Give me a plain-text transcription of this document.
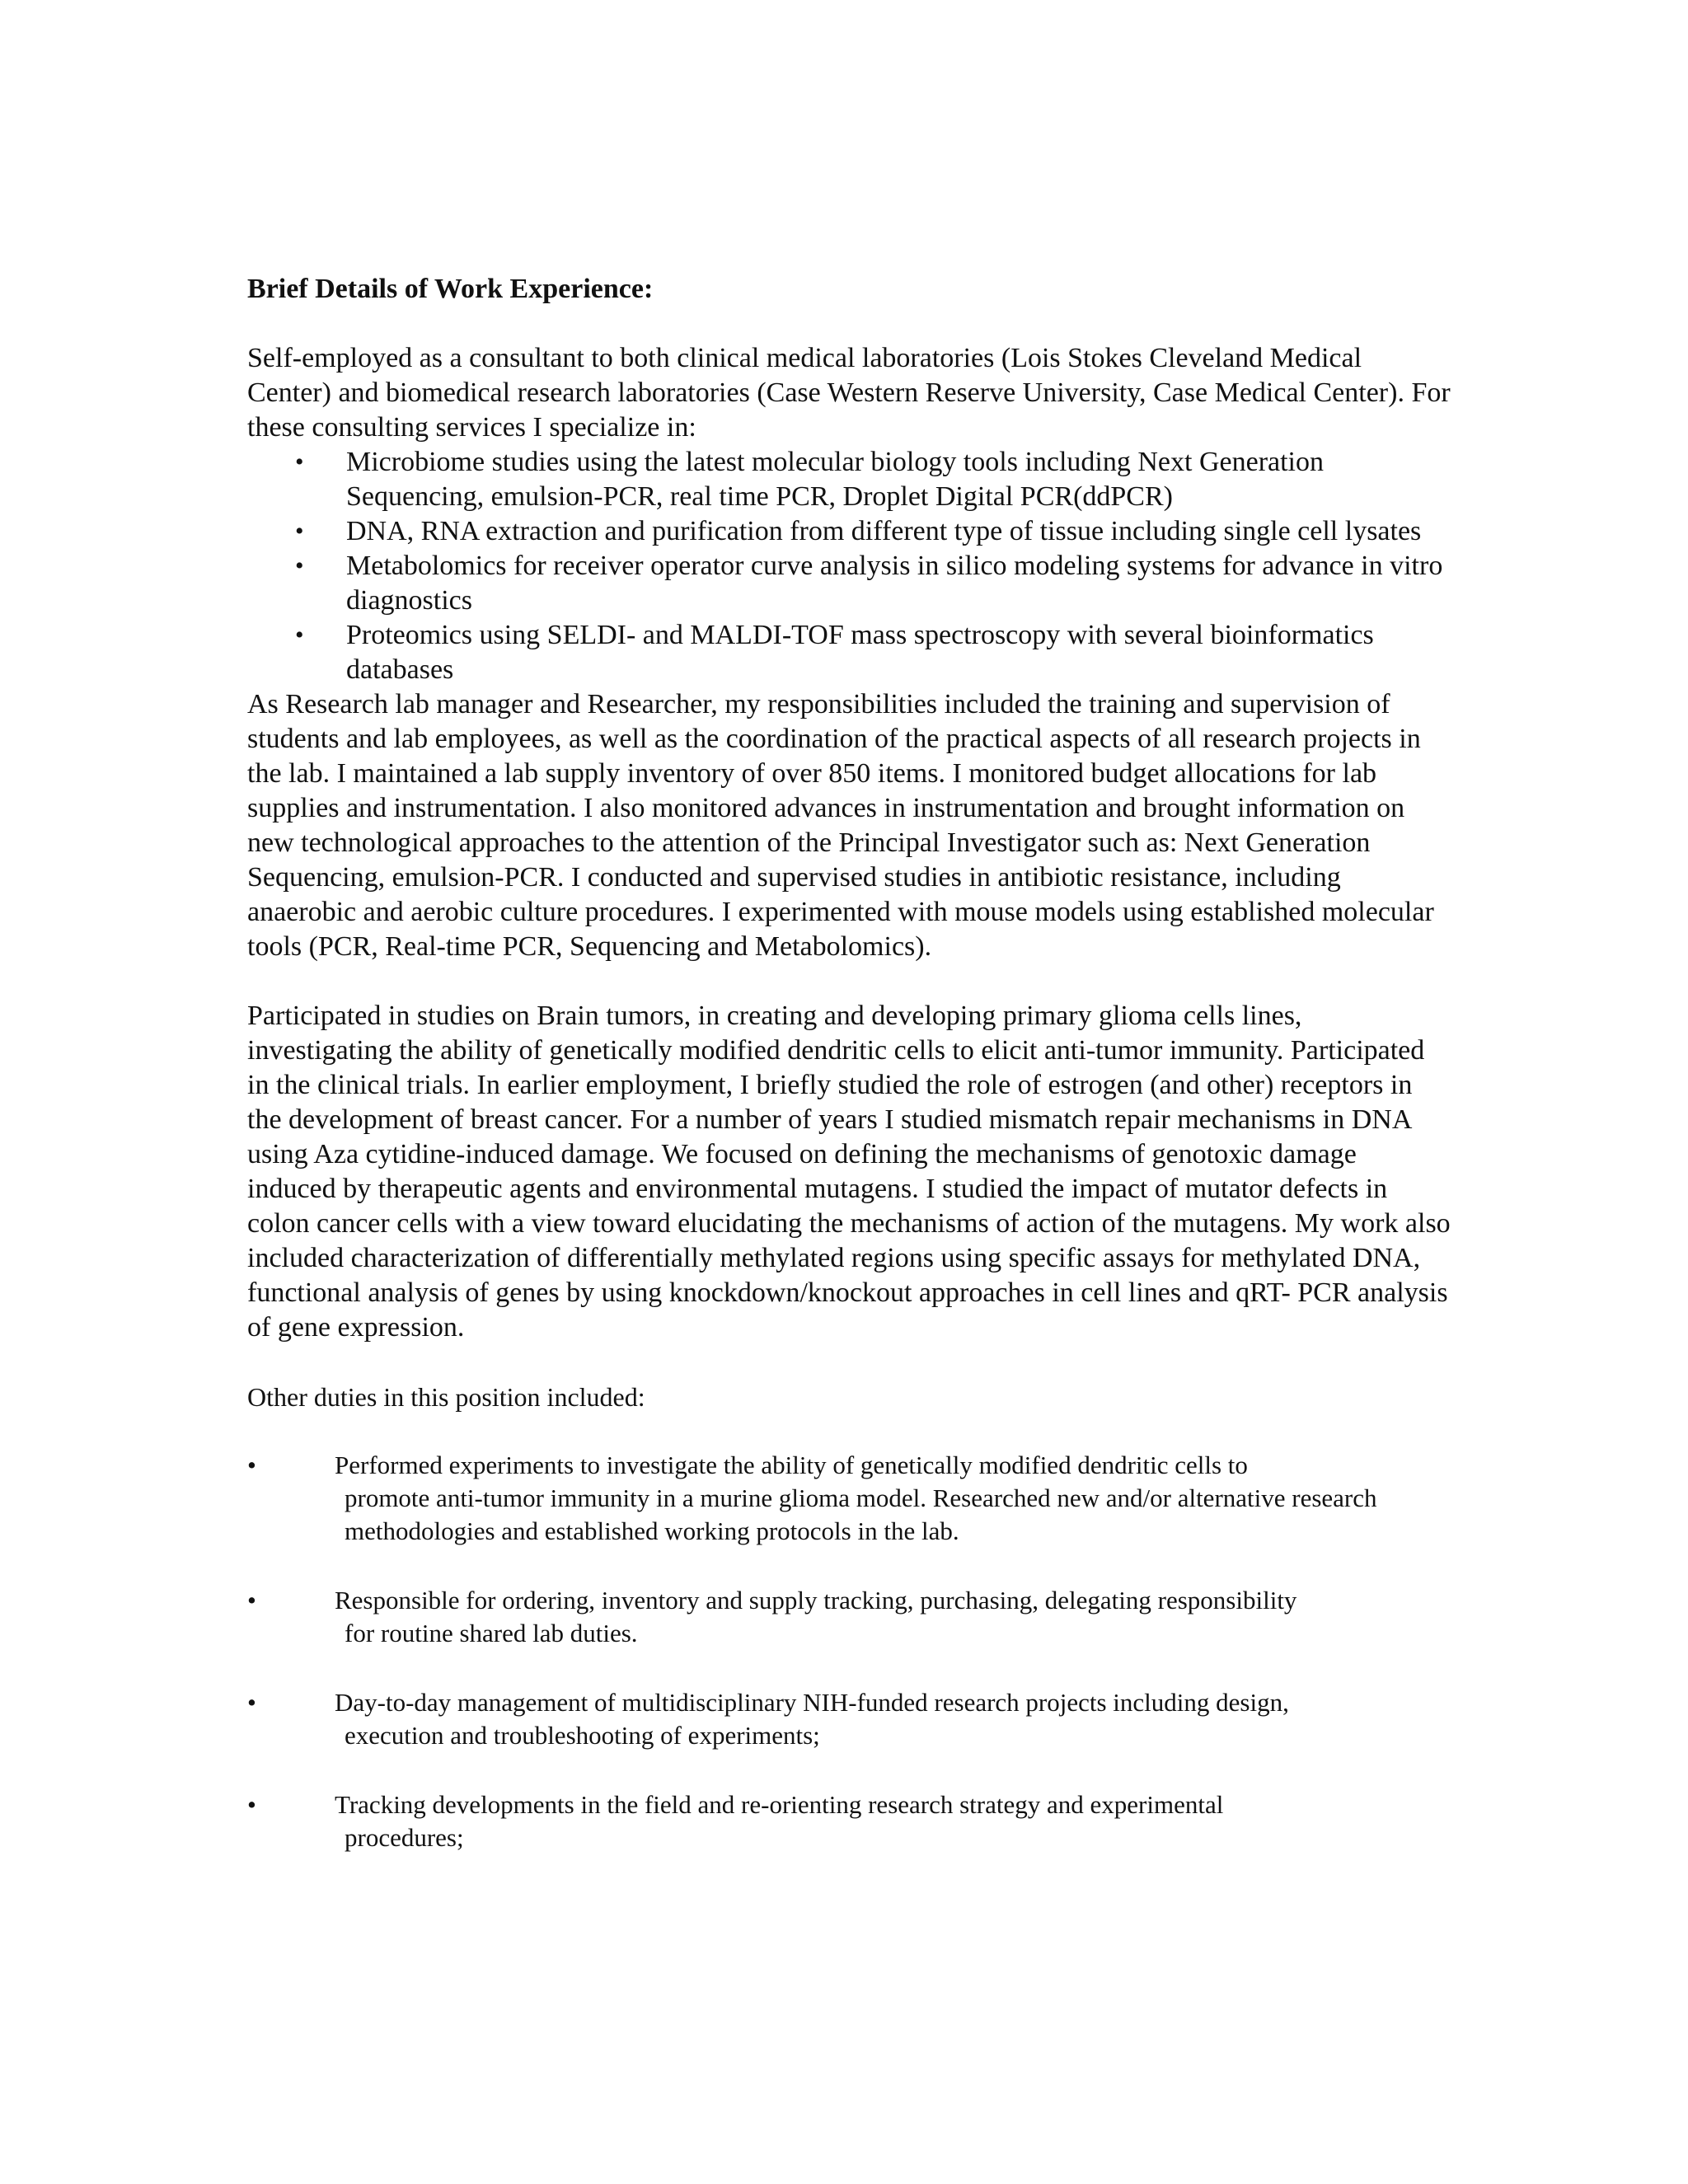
Brief Details of Work Experience:

Self-employed as a consultant to both clinical medical laboratories (Lois Stokes Cleveland Medical Center) and biomedical research laboratories (Case Western Reserve University, Case Medical Center). For these consulting services I specialize in:

• Microbiome studies using the latest molecular biology tools including Next Generation Sequencing, emulsion-PCR, real time PCR, Droplet Digital PCR(ddPCR)
• DNA, RNA extraction and purification from different type of tissue including single cell lysates
• Metabolomics for receiver operator curve analysis in silico modeling systems for advance in vitro diagnostics
• Proteomics using SELDI- and MALDI-TOF mass spectroscopy with several bioinformatics databases

As Research lab manager and Researcher, my responsibilities included the training and supervision of students and lab employees, as well as the coordination of the practical aspects of all research projects in the lab. I maintained a lab supply inventory of over 850 items. I monitored budget allocations for lab supplies and instrumentation. I also monitored advances in instrumentation and brought information on new technological approaches to the attention of the Principal Investigator such as: Next Generation Sequencing, emulsion-PCR. I conducted and supervised studies in antibiotic resistance, including anaerobic and aerobic culture procedures. I experimented with mouse models using established molecular tools (PCR, Real-time PCR, Sequencing and Metabolomics).

Participated in studies on Brain tumors, in creating and developing primary glioma cells lines, investigating the ability of genetically modified dendritic cells to elicit anti-tumor immunity. Participated in the clinical trials. In earlier employment, I briefly studied the role of estrogen (and other) receptors in the development of breast cancer. For a number of years I studied mismatch repair mechanisms in DNA using Aza cytidine-induced damage. We focused on defining the mechanisms of genotoxic damage induced by therapeutic agents and environmental mutagens. I studied the impact of mutator defects in colon cancer cells with a view toward elucidating the mechanisms of action of the mutagens. My work also included characterization of differentially methylated regions using specific assays for methylated DNA, functional analysis of genes by using knockdown/knockout approaches in cell lines and qRT- PCR analysis of gene expression.

Other duties in this position included:

•	Performed experiments to investigate the ability of genetically modified dendritic cells to
promote anti-tumor immunity in a murine glioma model. Researched new and/or alternative research methodologies and established working protocols in the lab.
•	Responsible for ordering, inventory and supply tracking, purchasing, delegating responsibility
for routine shared lab duties.
•	Day-to-day management of multidisciplinary NIH-funded research projects including design,
execution and troubleshooting of experiments;
•	Tracking developments in the field and re-orienting research strategy and experimental
procedures;
